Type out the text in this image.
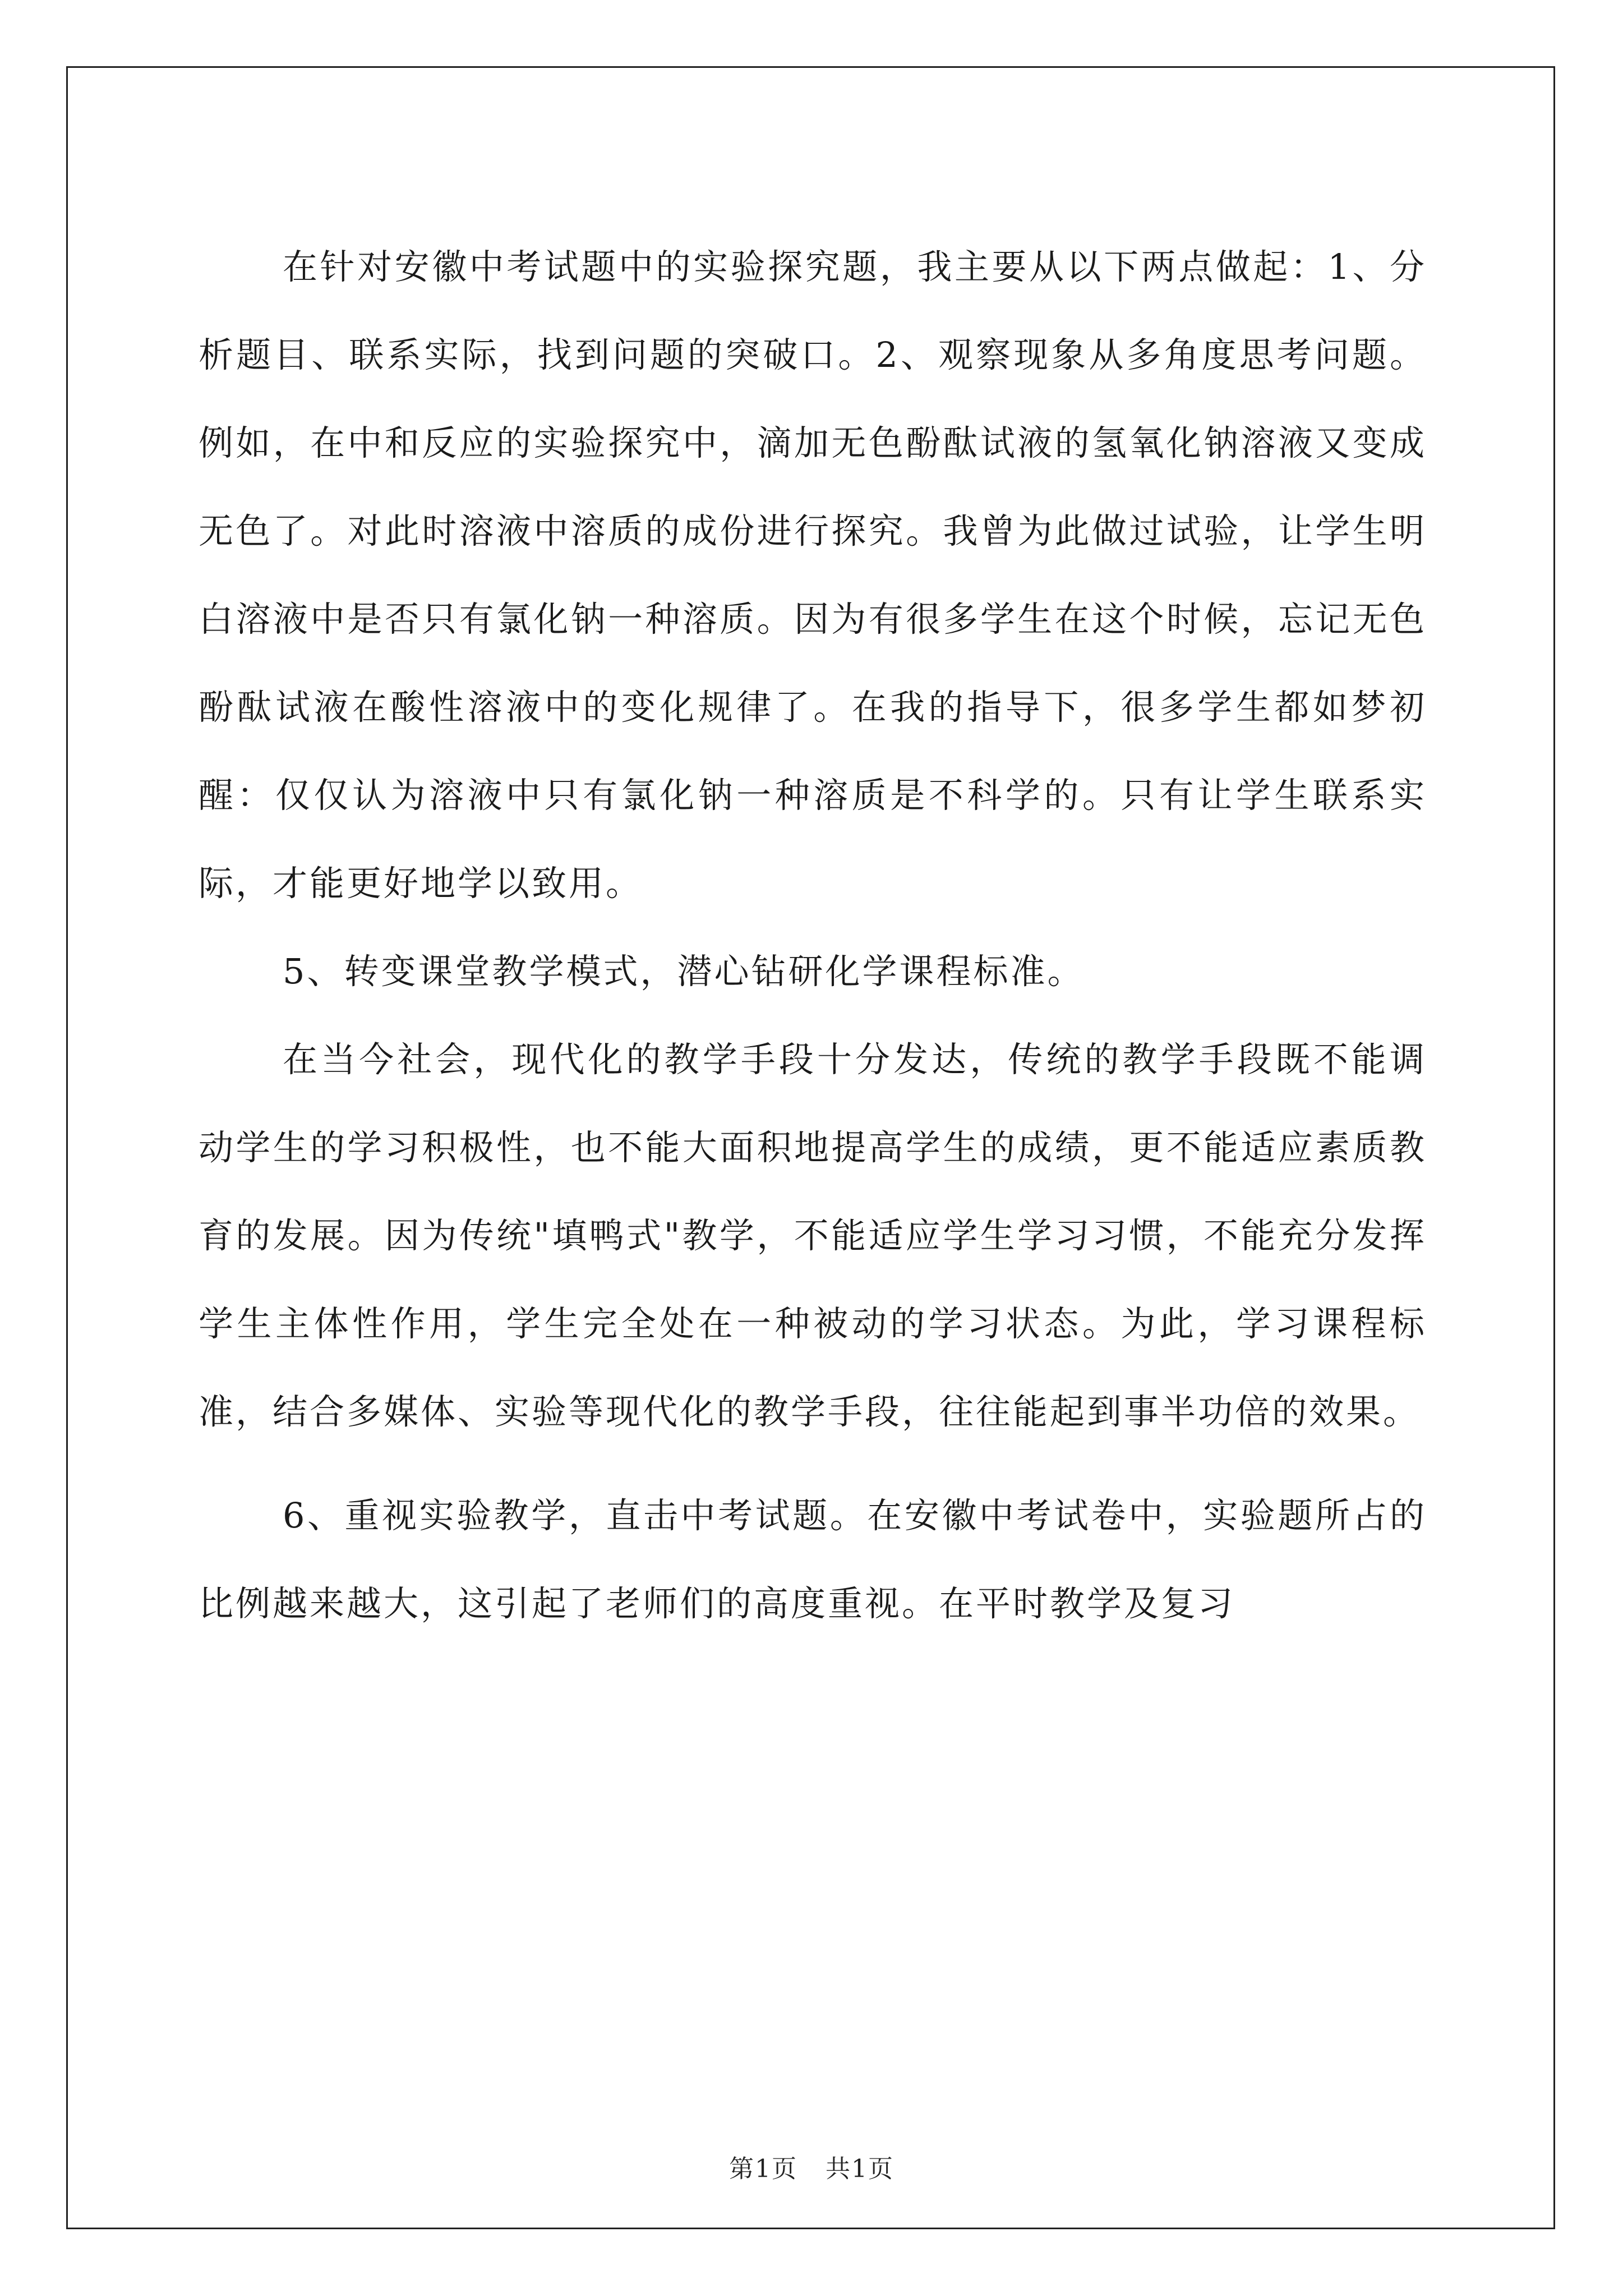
在针对安徽中考试题中的实验探究题，我主要从以下两点做起：1、分析题目、联系实际，找到问题的突破口。2、观察现象从多角度思考问题。例如，在中和反应的实验探究中，滴加无色酚酞试液的氢氧化钠溶液又变成无色了。对此时溶液中溶质的成份进行探究。我曾为此做过试验，让学生明白溶液中是否只有氯化钠一种溶质。因为有很多学生在这个时候，忘记无色酚酞试液在酸性溶液中的变化规律了。在我的指导下，很多学生都如梦初醒：仅仅认为溶液中只有氯化钠一种溶质是不科学的。只有让学生联系实际，才能更好地学以致用。

5、转变课堂教学模式，潜心钻研化学课程标准。

在当今社会，现代化的教学手段十分发达，传统的教学手段既不能调动学生的学习积极性，也不能大面积地提高学生的成绩，更不能适应素质教育的发展。因为传统"填鸭式"教学，不能适应学生学习习惯，不能充分发挥学生主体性作用，学生完全处在一种被动的学习状态。为此，学习课程标准，结合多媒体、实验等现代化的教学手段，往往能起到事半功倍的效果。

6、重视实验教学，直击中考试题。在安徽中考试卷中，实验题所占的比例越来越大，这引起了老师们的高度重视。在平时教学及复习

第1页 共1页
